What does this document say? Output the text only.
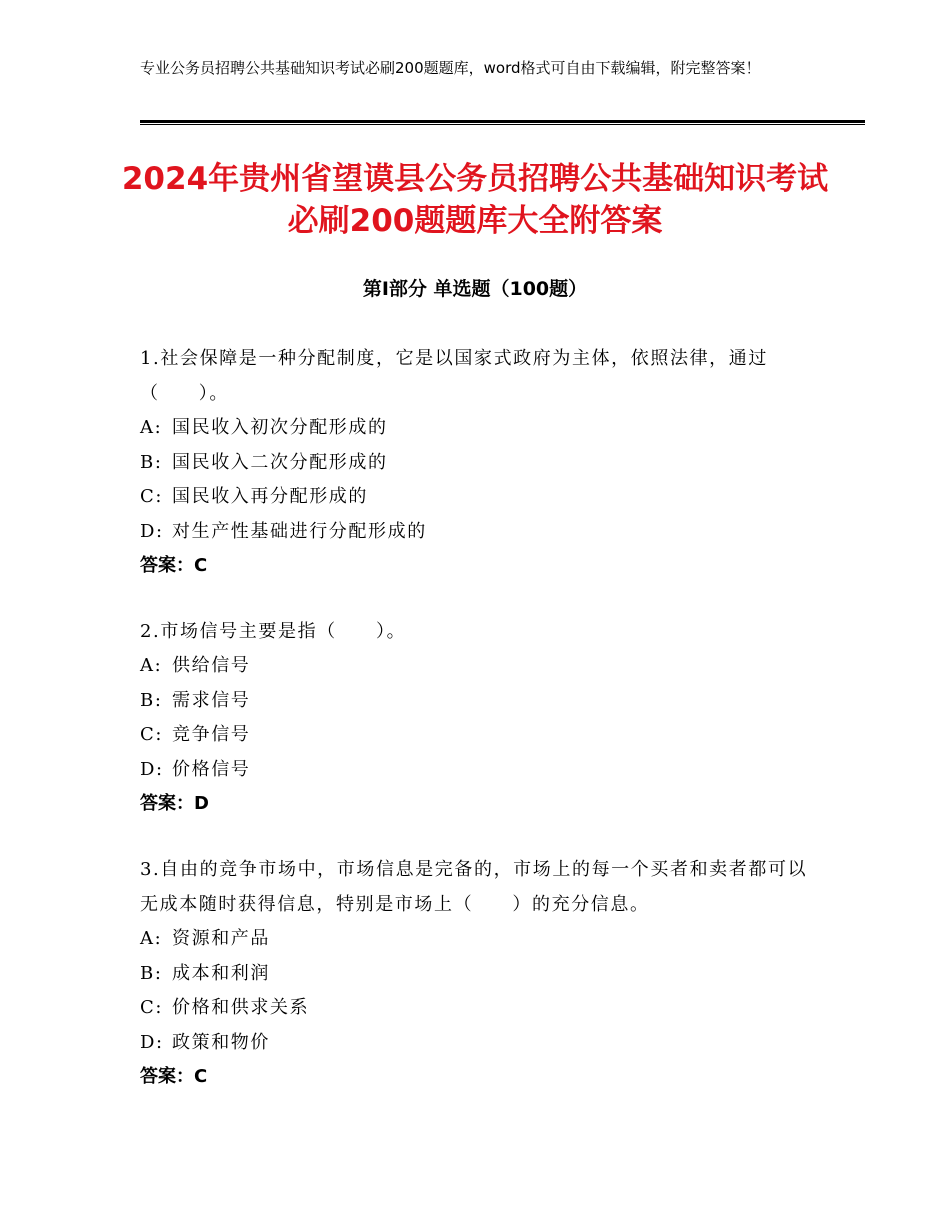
专业公务员招聘公共基础知识考试必刷200题题库，word格式可自由下载编辑，附完整答案！
2024年贵州省望谟县公务员招聘公共基础知识考试必刷200题题库大全附答案
第Ⅰ部分 单选题（100题）
1.社会保障是一种分配制度，它是以国家式政府为主体，依照法律，通过（　　）。
A: 国民收入初次分配形成的
B: 国民收入二次分配形成的
C: 国民收入再分配形成的
D: 对生产性基础进行分配形成的
答案：C
2.市场信号主要是指（　　）。
A: 供给信号
B: 需求信号
C: 竞争信号
D: 价格信号
答案：D
3.自由的竞争市场中，市场信息是完备的，市场上的每一个买者和卖者都可以无成本随时获得信息，特别是市场上（　　）的充分信息。
A: 资源和产品
B: 成本和利润
C: 价格和供求关系
D: 政策和物价
答案：C
